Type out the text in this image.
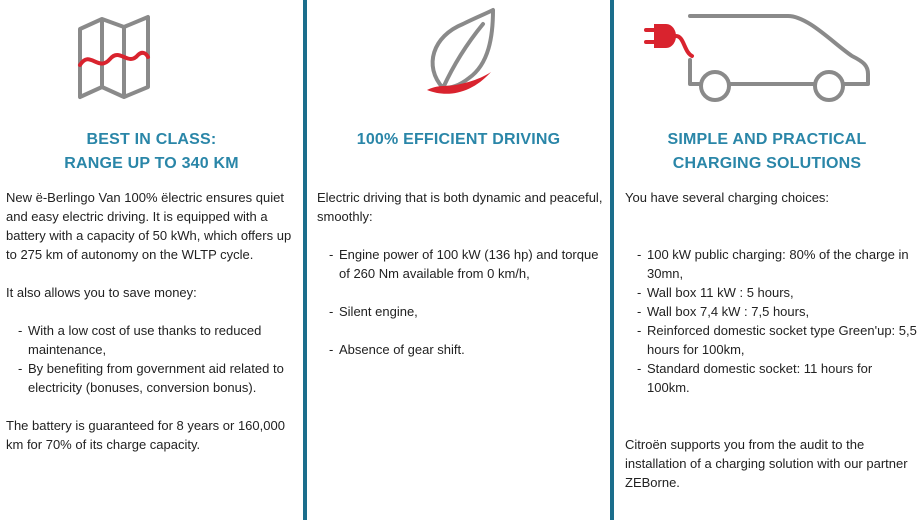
BEST IN CLASS:
RANGE UP TO 340 KM

New ë-Berlingo Van 100% ëlectric ensures quiet and easy electric driving. It is equipped with a battery with a capacity of 50 kWh, which offers up to 275 km of autonomy on the WLTP cycle.

It also allows you to save money:

- With a low cost of use thanks to reduced maintenance,
- By benefiting from government aid related to electricity (bonuses, conversion bonus).

The battery is guaranteed for 8 years or 160,000 km for 70% of its charge capacity.

100% EFFICIENT DRIVING

Electric driving that is both dynamic and peaceful, smoothly:

- Engine power of 100 kW (136 hp) and torque of 260 Nm available from 0 km/h,
- Silent engine,
- Absence of gear shift.
SIMPLE AND PRACTICAL
CHARGING SOLUTIONS

You have several charging choices:

- 100 kW public charging: 80% of the charge in 30mn,
- Wall box 11 kW : 5 hours,
- Wall box 7,4 kW : 7,5 hours,
- Reinforced domestic socket type Green'up: 5,5 hours for 100km,
- Standard domestic socket: 11 hours for 100km.

Citroën supports you from the audit to the installation of a charging solution with our partner ZEBorne.
